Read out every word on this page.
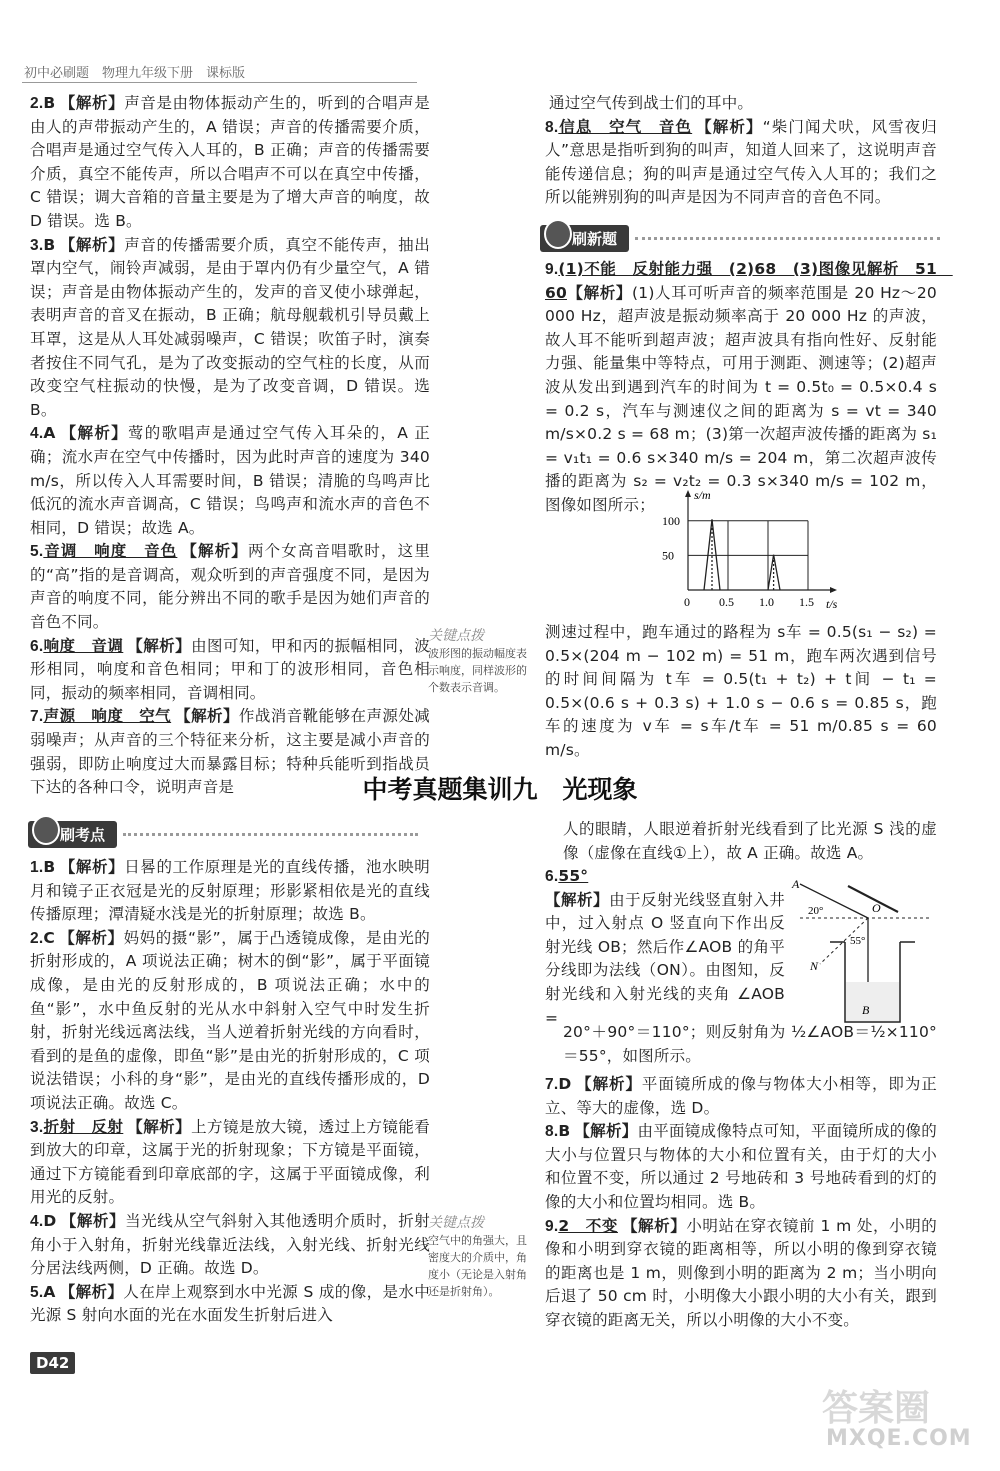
初中必刷题　物理九年级下册　课标版
2.B 【解析】声音是由物体振动产生的，听到的合唱声是由人的声带振动产生的，A 错误；声音的传播需要介质，合唱声是通过空气传入人耳的，B 正确；声音的传播需要介质，真空不能传声，所以合唱声不可以在真空中传播，C 错误；调大音箱的音量主要是为了增大声音的响度，故 D 错误。选 B。
3.B 【解析】声音的传播需要介质，真空不能传声，抽出罩内空气，闹铃声减弱，是由于罩内仍有少量空气，A 错误；声音是由物体振动产生的，发声的音叉使小球弹起，表明声音的音叉在振动，B 正确；航母舰载机引导员戴上耳罩，这是从人耳处减弱噪声，C 错误；吹笛子时，演奏者按住不同气孔，是为了改变振动的空气柱的长度，从而改变空气柱振动的快慢，是为了改变音调，D 错误。选 B。
4.A 【解析】莺的歌唱声是通过空气传入耳朵的，A 正确；流水声在空气中传播时，因为此时声音的速度为 340 m/s，所以传入人耳需要时间，B 错误；清脆的鸟鸣声比低沉的流水声音调高，C 错误；鸟鸣声和流水声的音色不相同，D 错误；故选 A。
5.音调　响度　音色 【解析】两个女高音唱歌时，这里的“高”指的是音调高，观众听到的声音强度不同，是因为声音的响度不同，能分辨出不同的歌手是因为她们声音的音色不同。
6.响度　音调 【解析】由图可知，甲和丙的振幅相同，波形相同，响度和音色相同；甲和丁的波形相同，音色相同，振动的频率相同，音调相同。
7.声源　响度　空气 【解析】作战消音靴能够在声源处减弱噪声；从声音的三个特征来分析，这主要是减小声音的强弱，即防止响度过大而暴露目标；特种兵能听到指战员下达的各种口令，说明声音是
通过空气传到战士们的耳中。
8.信息　空气　音色 【解析】“柴门闻犬吠，风雪夜归人”意思是指听到狗的叫声，知道人回来了，这说明声音能传递信息；狗的叫声是通过空气传入人耳的；我们之所以能辨别狗的叫声是因为不同声音的音色不同。
刷新题
9.(1)不能　反射能力强　(2)68　(3)图像见解析　51　60【解析】(1)人耳可听声音的频率范围是 20 Hz～20 000 Hz，超声波是振动频率高于 20 000 Hz 的声波，故人耳不能听到超声波；超声波具有指向性好、反射能力强、能量集中等特点，可用于测距、测速等；(2)超声波从发出到遇到汽车的时间为 t = 0.5t₀ = 0.5×0.4 s = 0.2 s，汽车与测速仪之间的距离为 s = vt = 340 m/s×0.2 s = 68 m；(3)第一次超声波传播的距离为 s₁ = v₁t₁ = 0.6 s×340 m/s = 204 m，第二次超声波传播的距离为 s₂ = v₂t₂ = 0.3 s×340 m/s = 102 m，图像如图所示；
0 0.5 1.0 1.5
100
50
s/m
t/s
测速过程中，跑车通过的路程为 s车 = 0.5(s₁ − s₂) = 0.5×(204 m − 102 m) = 51 m，跑车两次遇到信号的时间间隔为 t车 = 0.5(t₁ + t₂) + t间 − t₁ = 0.5×(0.6 s + 0.3 s) + 1.0 s − 0.6 s = 0.85 s，跑车的速度为 v车 = s车/t车 = 51 m/0.85 s = 60 m/s。
关键点拨
波形图的振动幅度表示响度，同样波形的个数表示音调。
中考真题集训九　光现象
刷考点
1.B 【解析】日晷的工作原理是光的直线传播，池水映明月和镜子正衣冠是光的反射原理；形影紧相依是光的直线传播原理；潭清疑水浅是光的折射原理；故选 B。
2.C 【解析】妈妈的摄“影”，属于凸透镜成像，是由光的折射形成的，A 项说法正确；树木的倒“影”，属于平面镜成像，是由光的反射形成的，B 项说法正确；水中的鱼“影”，水中鱼反射的光从水中斜射入空气中时发生折射，折射光线远离法线，当人逆着折射光线的方向看时，看到的是鱼的虚像，即鱼“影”是由光的折射形成的，C 项说法错误；小科的身“影”，是由光的直线传播形成的，D 项说法正确。故选 C。
3.折射　反射 【解析】上方镜是放大镜，透过上方镜能看到放大的印章，这属于光的折射现象；下方镜是平面镜，通过下方镜能看到印章底部的字，这属于平面镜成像，利用光的反射。
4.D 【解析】当光线从空气斜射入其他透明介质时，折射角小于入射角，折射光线靠近法线，入射光线、折射光线分居法线两侧，D 正确。故选 D。
5.A 【解析】人在岸上观察到水中光源 S 成的像，是水中光源 S 射向水面的光在水面发生折射后进入
关键点拨
空气中的角强大，且密度大的介质中，角度小（无论是入射角还是折射角）。
人的眼睛，人眼逆着折射光线看到了比光源 S 浅的虚像（虚像在直线①上），故 A 正确。故选 A。
6.55°
【解析】由于反射光线竖直射入井中，过入射点 O 竖直向下作出反射光线 OB；然后作∠AOB 的角平分线即为法线（ON）。由图知，反射光线和入射光线的夹角 ∠AOB =
A
O
N
B
20°
55°
20°＋90°＝110°；则反射角为 ½∠AOB＝½×110°＝55°，如图所示。
7.D 【解析】平面镜所成的像与物体大小相等，即为正立、等大的虚像，选 D。
8.B 【解析】由平面镜成像特点可知，平面镜所成的像的大小与位置只与物体的大小和位置有关，由于灯的大小和位置不变，所以通过 2 号地砖和 3 号地砖看到的灯的像的大小和位置均相同。选 B。
9.2　不变 【解析】小明站在穿衣镜前 1 m 处，小明的像和小明到穿衣镜的距离相等，所以小明的像到穿衣镜的距离也是 1 m，则像到小明的距离为 2 m；当小明向后退了 50 cm 时，小明像大小跟小明的大小有关，跟到穿衣镜的距离无关，所以小明像的大小不变。
D42
答案圈
MXQE.COM
